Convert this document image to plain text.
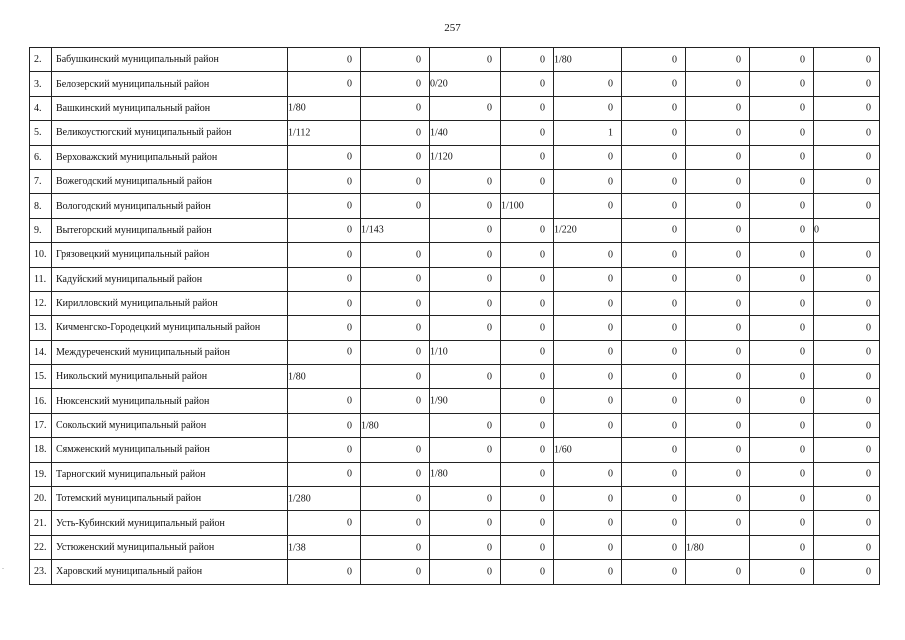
257
-
2.	Бабушкинский муниципальный район	0	0	0	0	1/80	0	0	0	0

3.	Белозерский муниципальный район	0	0	0/20	0	0	0	0	0	0

4.	Вашкинский муниципальный район	1/80	0	0	0	0	0	0	0	0

5.	Великоустюгский муниципальный район	1/112	0	1/40	0	1	0	0	0	0

6.	Верховажский муниципальный район	0	0	1/120	0	0	0	0	0	0

7.	Вожегодский муниципальный район	0	0	0	0	0	0	0	0	0

8.	Вологодский муниципальный район	0	0	0	1/100	0	0	0	0	0

9.	Вытегорский муниципальный район	0	1/143	0	0	1/220	0	0	0	0

10.	Грязовецкий муниципальный район	0	0	0	0	0	0	0	0	0

11.	Кадуйский муниципальный район	0	0	0	0	0	0	0	0	0

12.	Кирилловский муниципальный район	0	0	0	0	0	0	0	0	0

13.	Кичменгско-Городецкий муниципальный район	0	0	0	0	0	0	0	0	0

14.	Междуреченский муниципальный район	0	0	1/10	0	0	0	0	0	0

15.	Никольский муниципальный район	1/80	0	0	0	0	0	0	0	0

16.	Нюксенский муниципальный район	0	0	1/90	0	0	0	0	0	0

17.	Сокольский муниципальный район	0	1/80	0	0	0	0	0	0	0

18.	Сямженский муниципальный район	0	0	0	0	1/60	0	0	0	0

19.	Тарногский муниципальный район	0	0	1/80	0	0	0	0	0	0

20.	Тотемский муниципальный район	1/280	0	0	0	0	0	0	0	0

21.	Усть-Кубинский муниципальный район	0	0	0	0	0	0	0	0	0

22.	Устюженский муниципальный район	1/38	0	0	0	0	0	1/80	0	0

23.	Харовский муниципальный район	0	0	0	0	0	0	0	0	0
